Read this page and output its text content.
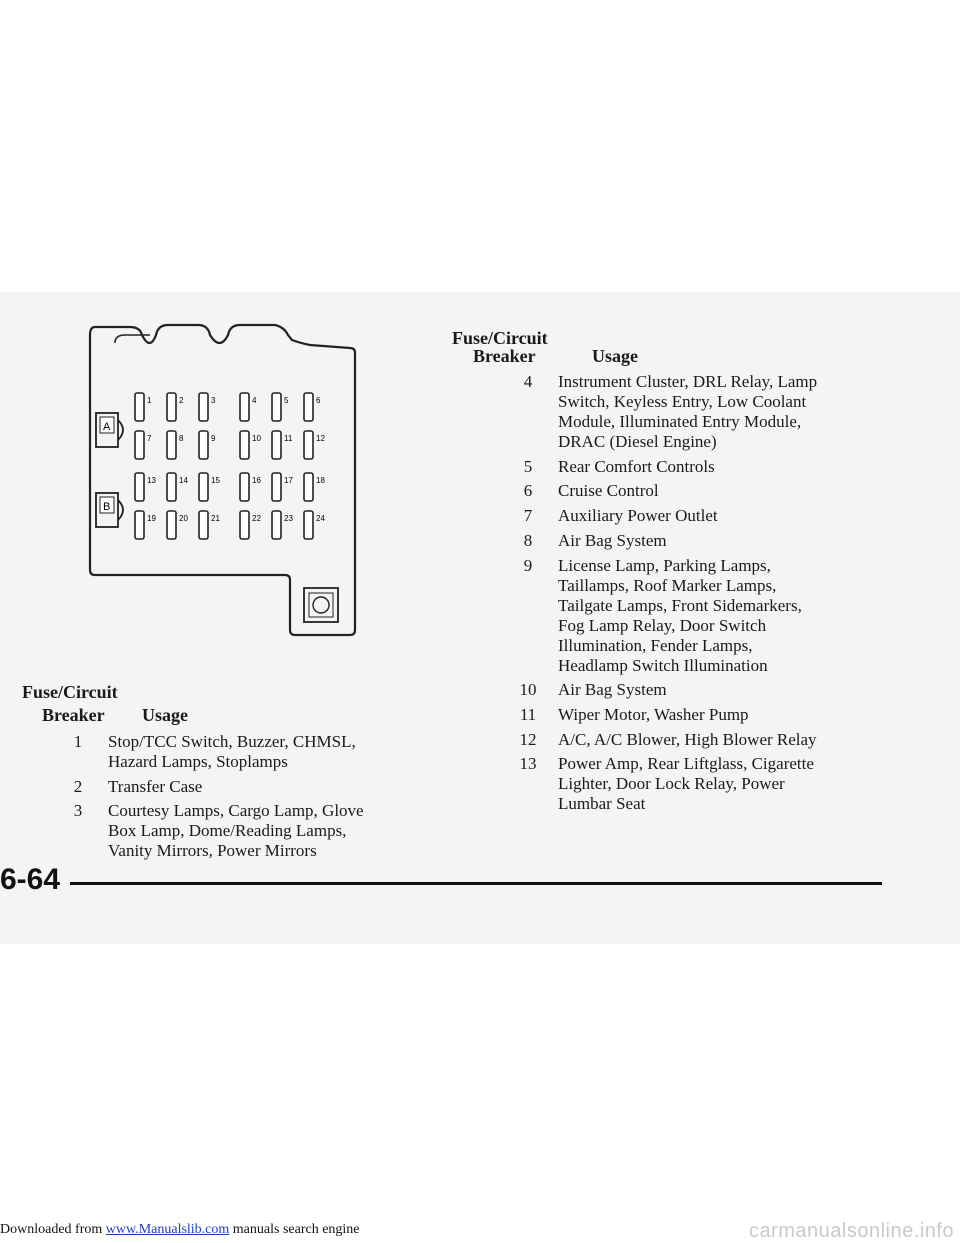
A
B
1	2	3	4	5	6
7	8	9	10	11	12
13	14	15	16	17	18
19	20	21	22	23	24
Fuse/Circuit
Breaker Usage
1	Stop/TCC Switch, Buzzer, CHMSL,
Hazard Lamps, Stoplamps
2	Transfer Case
3	Courtesy Lamps, Cargo Lamp, Glove
Box Lamp, Dome/Reading Lamps,
Vanity Mirrors, Power Mirrors
Fuse/Circuit
Breaker	Usage
4	Instrument Cluster, DRL Relay, Lamp
Switch, Keyless Entry, Low Coolant
Module, Illuminated Entry Module,
DRAC (Diesel Engine)
5	Rear Comfort Controls
6	Cruise Control
7	Auxiliary Power Outlet
8	Air Bag System
9	License Lamp, Parking Lamps,
Taillamps, Roof Marker Lamps,
Tailgate Lamps, Front Sidemarkers,
Fog Lamp Relay, Door Switch
Illumination, Fender Lamps,
Headlamp Switch Illumination
10	Air Bag System
11	Wiper Motor, Washer Pump
12	A/C, A/C Blower, High Blower Relay
13	Power Amp, Rear Liftglass, Cigarette
Lighter, Door Lock Relay, Power
Lumbar Seat
6-64
Downloaded from www.Manualslib.com manuals search engine	carmanualsonline.info
